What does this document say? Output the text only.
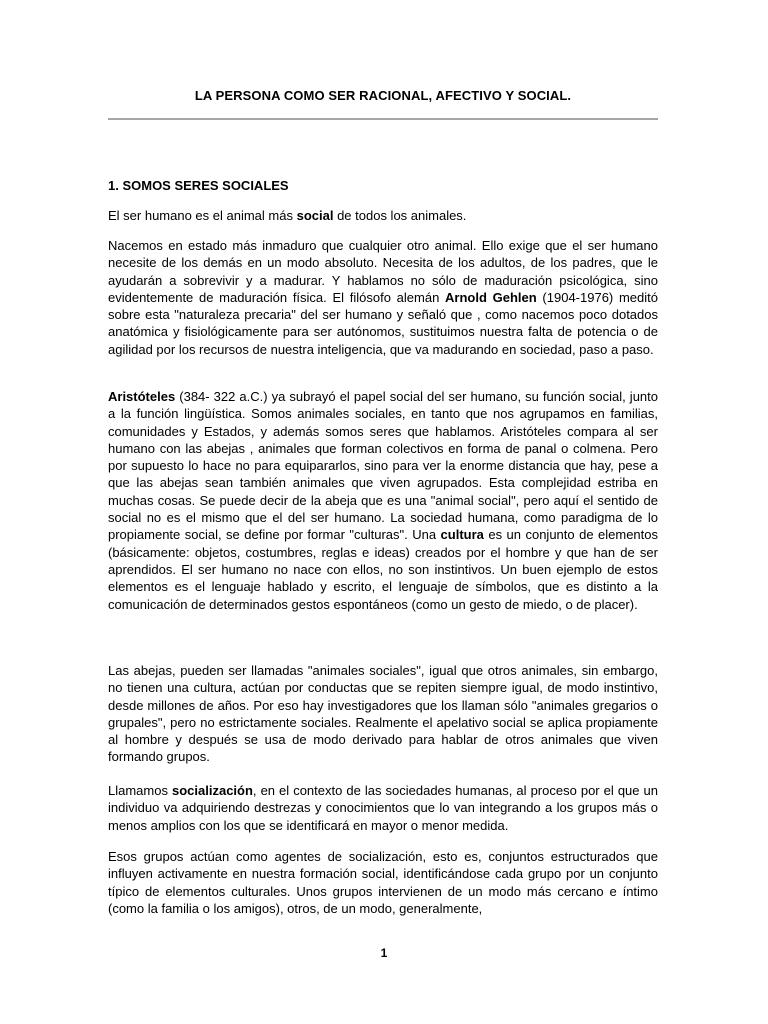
LA PERSONA COMO SER RACIONAL, AFECTIVO Y SOCIAL.
1. SOMOS SERES SOCIALES

El ser humano es el animal más social de todos los animales.

Nacemos en estado más inmaduro que cualquier otro animal. Ello exige que el ser humano necesite de los demás en un modo absoluto. Necesita de los adultos, de los padres, que le ayudarán a sobrevivir y a madurar. Y hablamos no sólo de maduración psicológica, sino evidentemente de maduración física. El filósofo alemán Arnold Gehlen (1904-1976) meditó sobre esta "naturaleza precaria" del ser humano y señaló que , como nacemos poco dotados anatómica y fisiológicamente para ser autónomos, sustituimos nuestra falta de potencia o de agilidad por los recursos de nuestra inteligencia, que va madurando en sociedad, paso a paso.

Aristóteles (384- 322 a.C.) ya subrayó el papel social del ser humano, su función social, junto a la función lingüística. Somos animales sociales, en tanto que nos agrupamos en familias, comunidades y Estados, y además somos seres que hablamos. Aristóteles compara al ser humano con las abejas , animales que forman colectivos en forma de panal o colmena. Pero por supuesto lo hace no para equipararlos, sino para ver la enorme distancia que hay, pese a que las abejas sean también animales que viven agrupados. Esta complejidad estriba en muchas cosas. Se puede decir de la abeja que es una "animal social", pero aquí el sentido de social no es el mismo que el del ser humano. La sociedad humana, como paradigma de lo propiamente social, se define por formar "culturas". Una cultura es un conjunto de elementos (básicamente: objetos, costumbres, reglas e ideas) creados por el hombre y que han de ser aprendidos. El ser humano no nace con ellos, no son instintivos. Un buen ejemplo de estos elementos es el lenguaje hablado y escrito, el lenguaje de símbolos, que es distinto a la comunicación de determinados gestos espontáneos (como un gesto de miedo, o de placer).

Las abejas, pueden ser llamadas "animales sociales", igual que otros animales, sin embargo, no tienen una cultura, actúan por conductas que se repiten siempre igual, de modo instintivo, desde millones de años. Por eso hay investigadores que los llaman sólo "animales gregarios o grupales", pero no estrictamente sociales. Realmente el apelativo social se aplica propiamente al hombre y después se usa de modo derivado para hablar de otros animales que viven formando grupos.

Llamamos socialización, en el contexto de las sociedades humanas, al proceso por el que un individuo va adquiriendo destrezas y conocimientos que lo van integrando a los grupos más o menos amplios con los que se identificará en mayor o menor medida.

Esos grupos actúan como agentes de socialización, esto es, conjuntos estructurados que influyen activamente en nuestra formación social, identificándose cada grupo por un conjunto típico de elementos culturales. Unos grupos intervienen de un modo más cercano e íntimo (como la familia o los amigos), otros, de un modo, generalmente,

1
